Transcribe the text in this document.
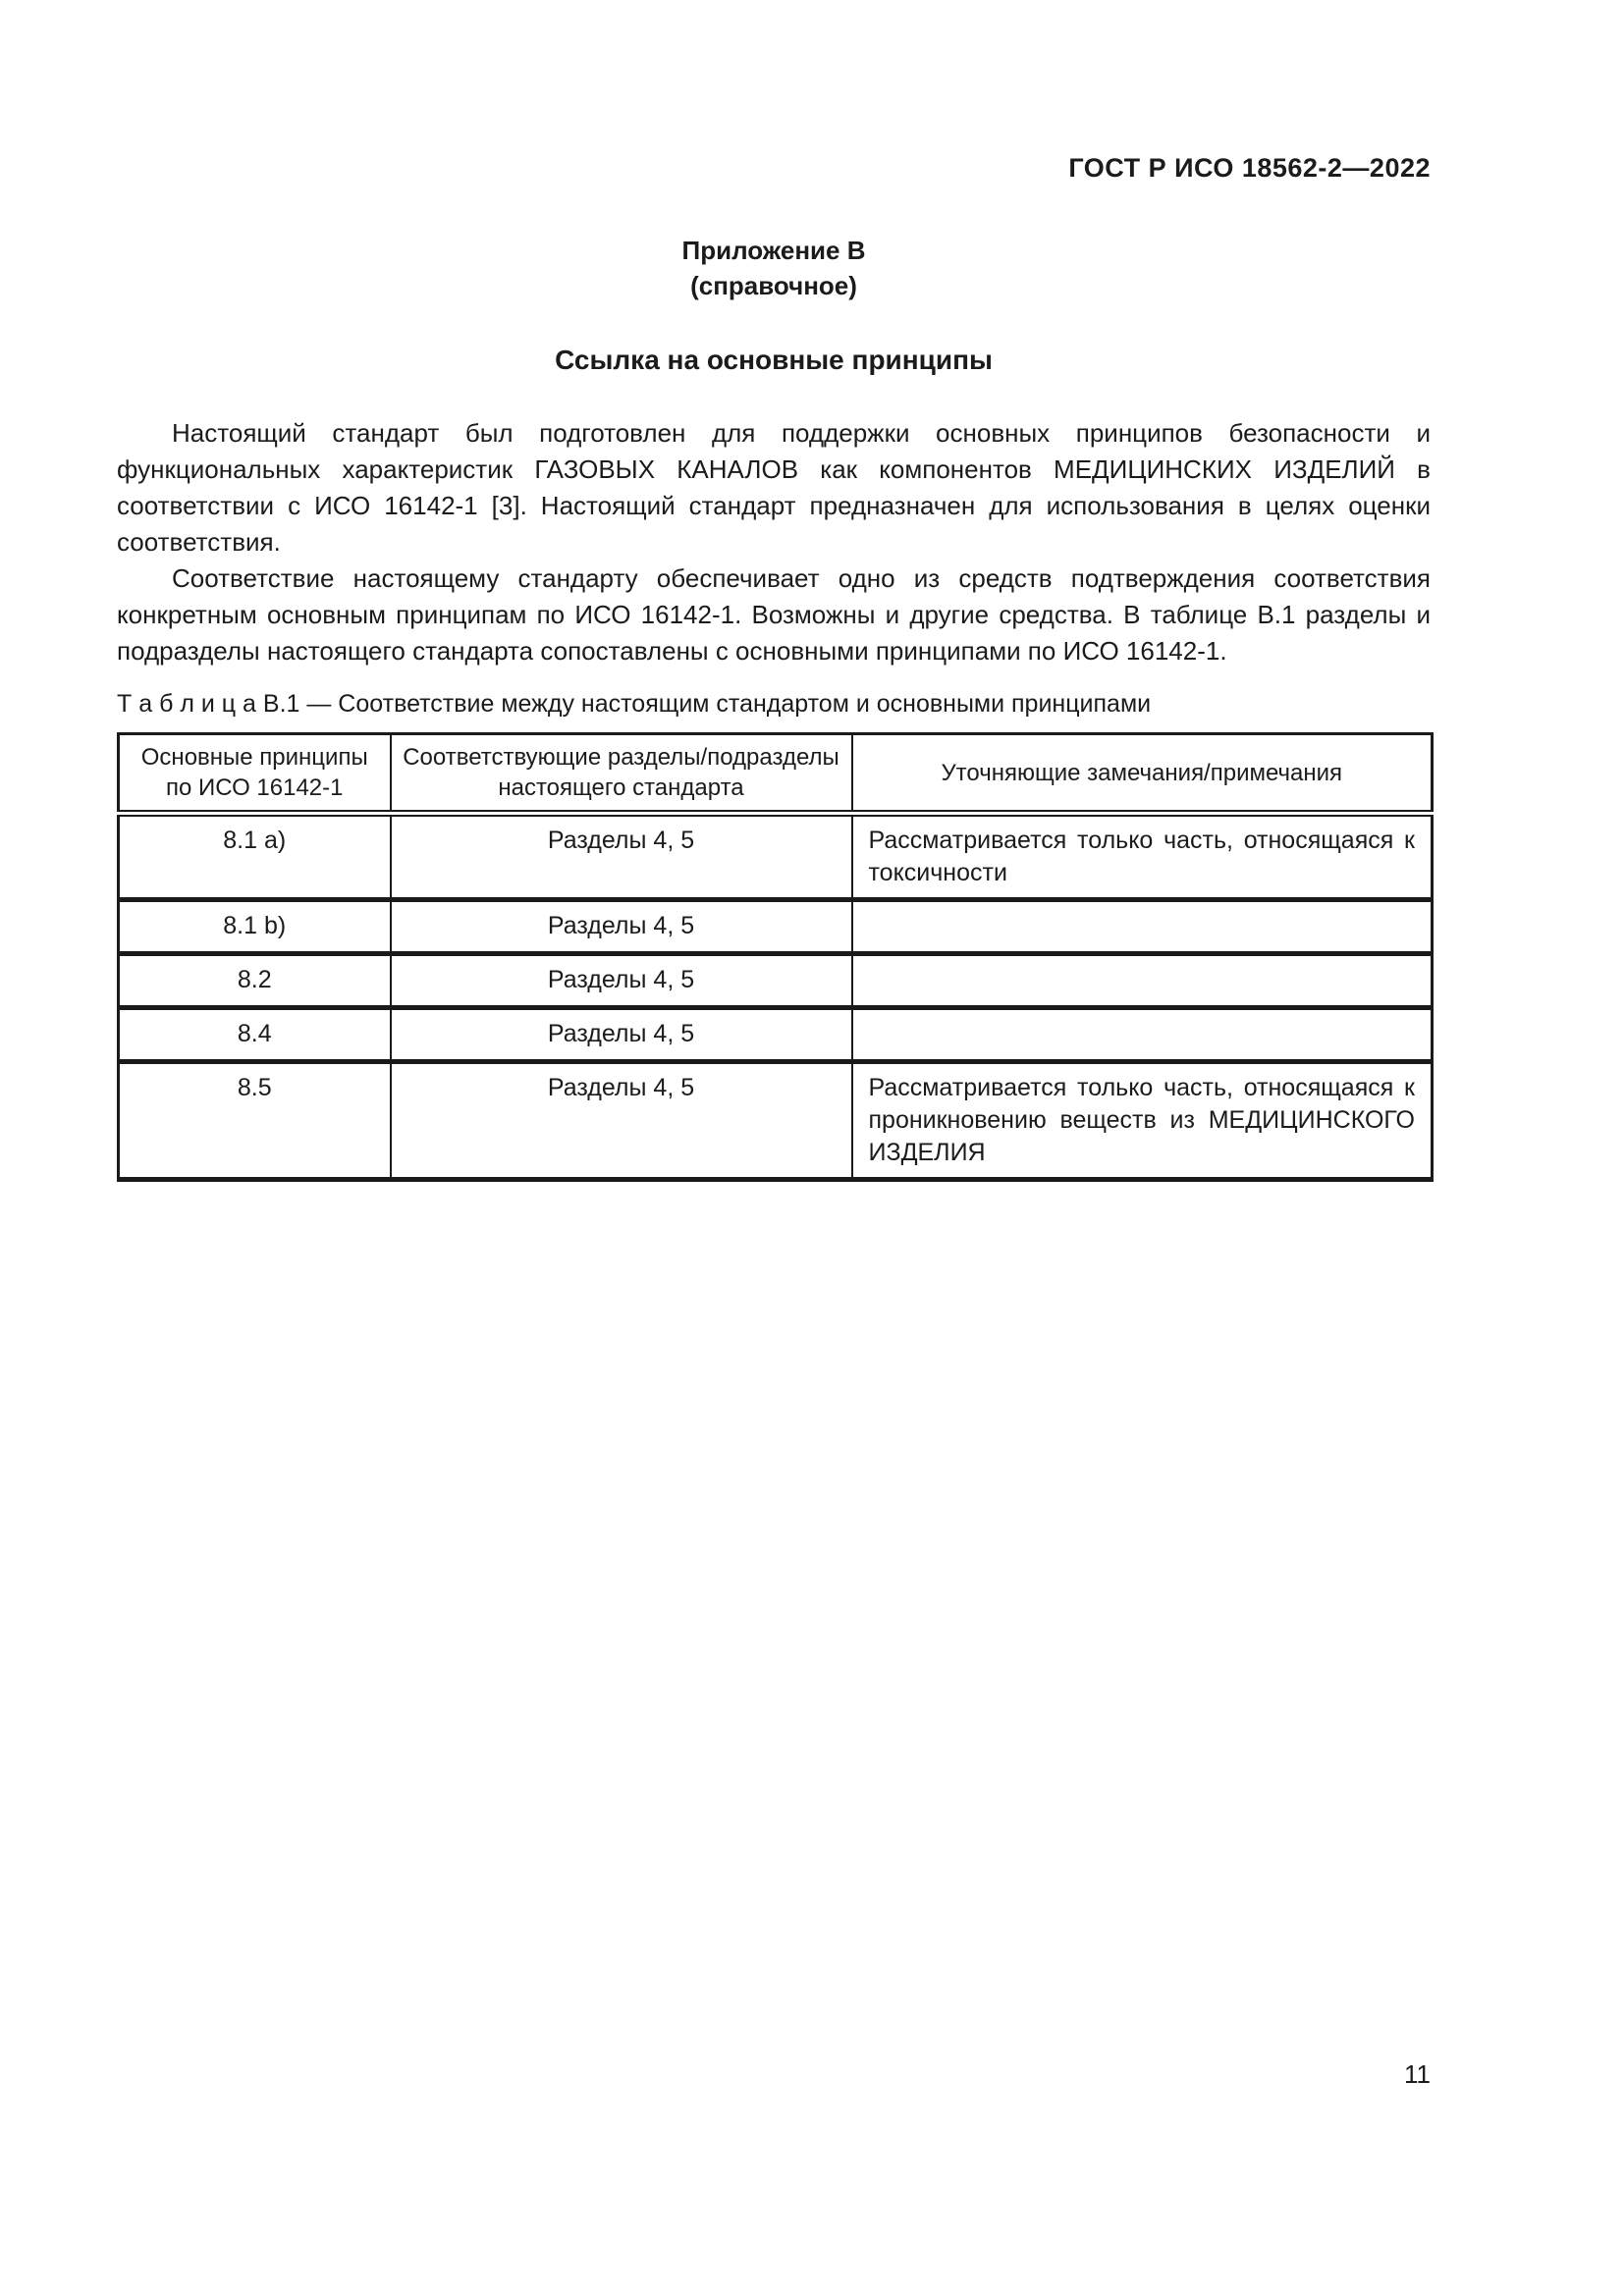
ГОСТ Р ИСО 18562-2—2022
Приложение В
(справочное)
Ссылка на основные принципы

Настоящий стандарт был подготовлен для поддержки основных принципов безопасности и функциональных характеристик ГАЗОВЫХ КАНАЛОВ как компонентов МЕДИЦИНСКИХ ИЗДЕЛИЙ в соответствии с ИСО 16142-1 [3]. Настоящий стандарт предназначен для использования в целях оценки соответствия.

Соответствие настоящему стандарту обеспечивает одно из средств подтверждения соответствия конкретным основным принципам по ИСО 16142-1. Возможны и другие средства. В таблице В.1 разделы и подразделы настоящего стандарта сопоставлены с основными принципами по ИСО 16142-1.

Т а б л и ц а В.1 — Соответствие между настоящим стандартом и основными принципами
Основные принципы по ИСО 16142-1	Соответствующие разделы/подразделы настоящего стандарта	Уточняющие замечания/примечания
8.1 a)	Разделы 4, 5	Рассматривается только часть, относящаяся к токсичности
8.1 b)	Разделы 4, 5	
8.2	Разделы 4, 5	
8.4	Разделы 4, 5	
8.5	Разделы 4, 5	Рассматривается только часть, относящаяся к проникновению веществ из МЕДИЦИНСКОГО ИЗДЕЛИЯ
11
